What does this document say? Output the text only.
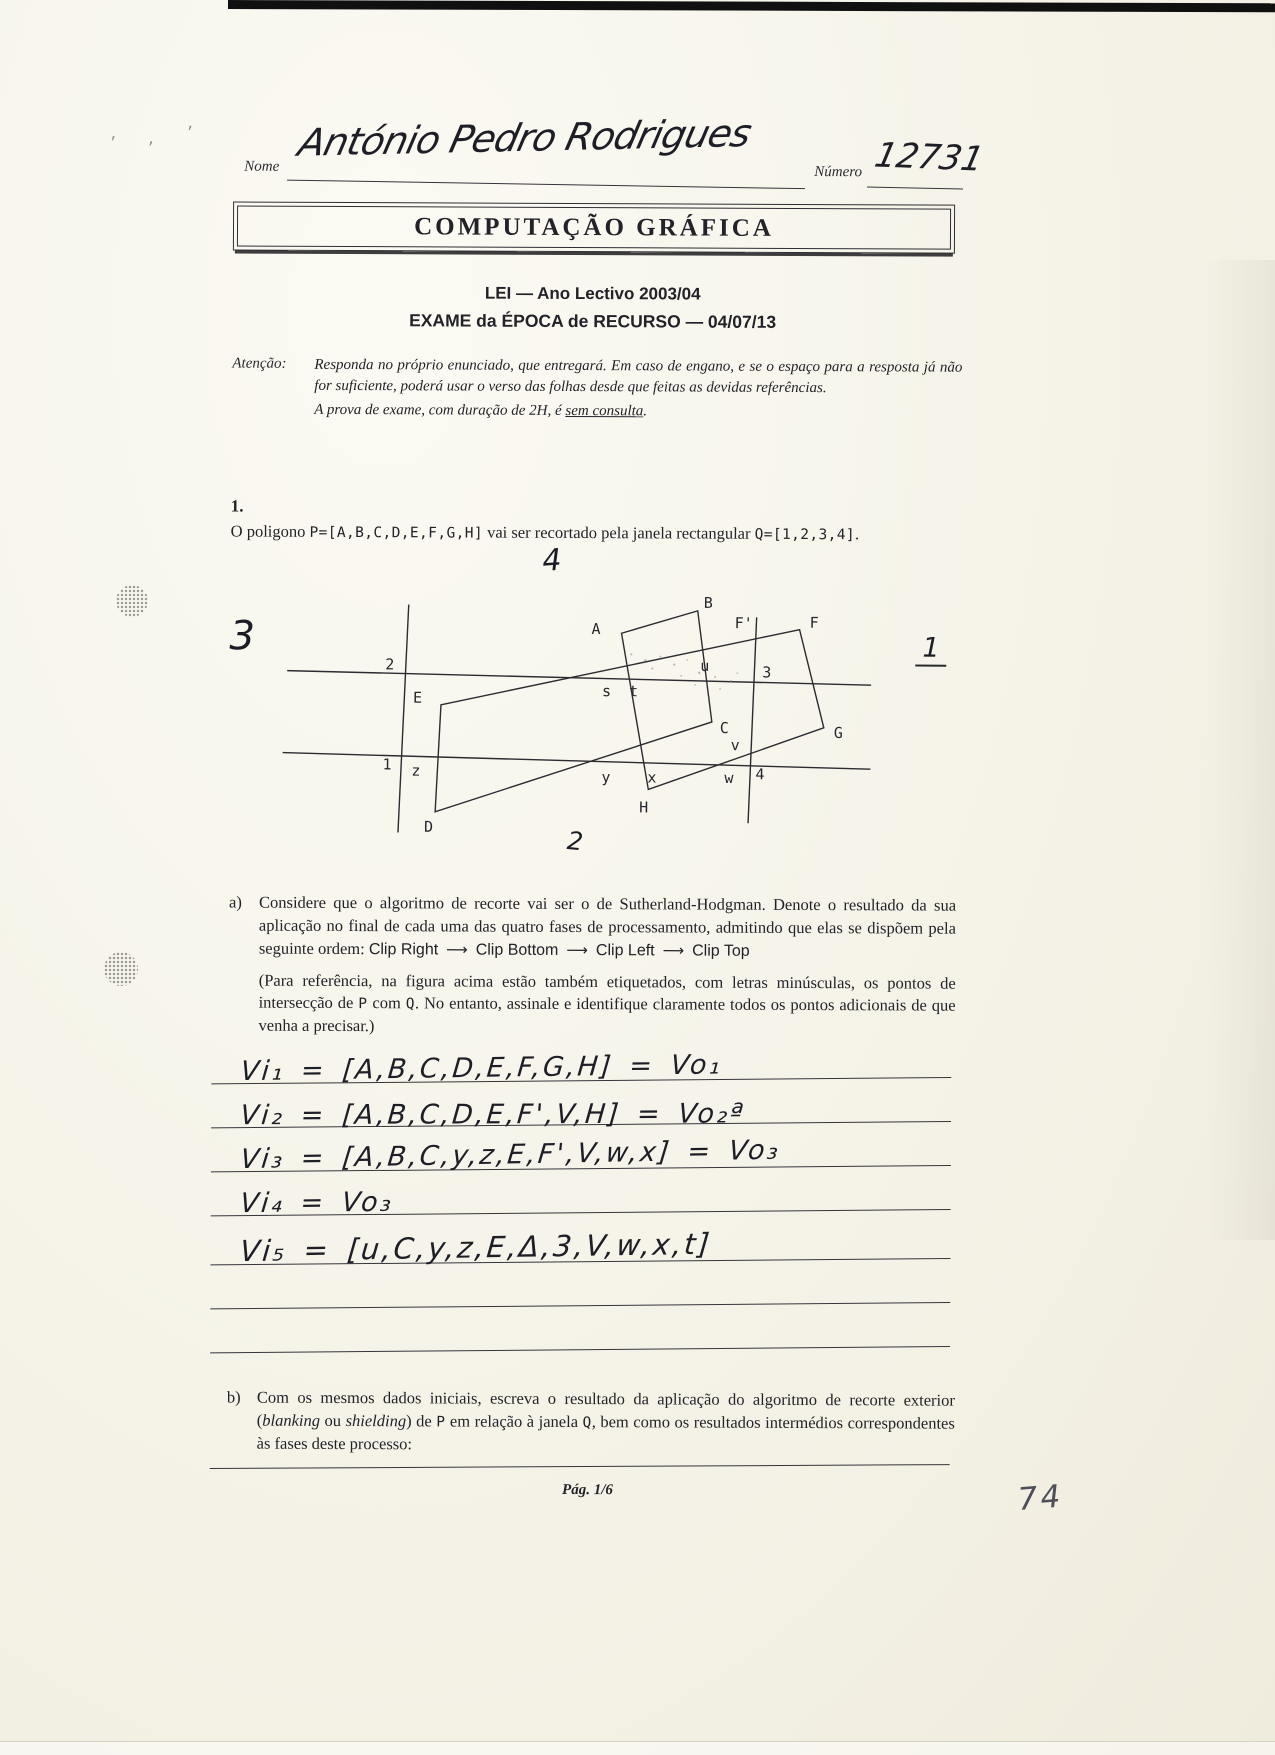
’ ‚ ’
Nome
António Pedro Rodrigues
Número 12731
COMPUTAÇÃO GRÁFICA
LEI — Ano Lectivo 2003/04
EXAME da ÉPOCA de RECURSO — 04/07/13
Atenção: Responda no próprio enunciado, que entregará. Em caso de engano, e se o espaço para a resposta já não for suficiente, poderá usar o verso das folhas desde que feitas as devidas referências.
A prova de exame, com duração de 2H, é sem consulta.
1.
O poligono P=[A,B,C,D,E,F,G,H] vai ser recortado pela janela rectangular Q=[1,2,3,4].
4
A
B
C
D
E
F
F'
G
H
2	3
1
4
s t
u
v
w
x
y
z
3	1
2
a)	Considere que o algoritmo de recorte vai ser o de Sutherland-Hodgman. Denote o resultado da sua aplicação no final de cada uma das quatro fases de processamento, admitindo que elas se dispõem pela seguinte ordem: Clip Right ⟶ Clip Bottom ⟶ Clip Left ⟶ Clip Top
(Para referência, na figura acima estão também etiquetados, com letras minúsculas, os pontos de intersecção de P com Q. No entanto, assinale e identifique claramente todos os pontos adicionais de que venha a precisar.)
Vi₁ = [A,B,C,D,E,F,G,H] = Vo₁
Vi₂ = [A,B,C,D,E,F',V,H] = Vo₂ª
Vi₃ = [A,B,C,y,z,E,F',V,w,x] = Vo₃
Vi₄ = Vo₃
Vi₅ = [u,C,y,z,E,Δ,3,V,w,x,t]
b) Com os mesmos dados iniciais, escreva o resultado da aplicação do algoritmo de recorte exterior (blanking ou shielding) de P em relação à janela Q, bem como os resultados intermédios correspondentes às fases deste processo:
Pág. 1/6	74
